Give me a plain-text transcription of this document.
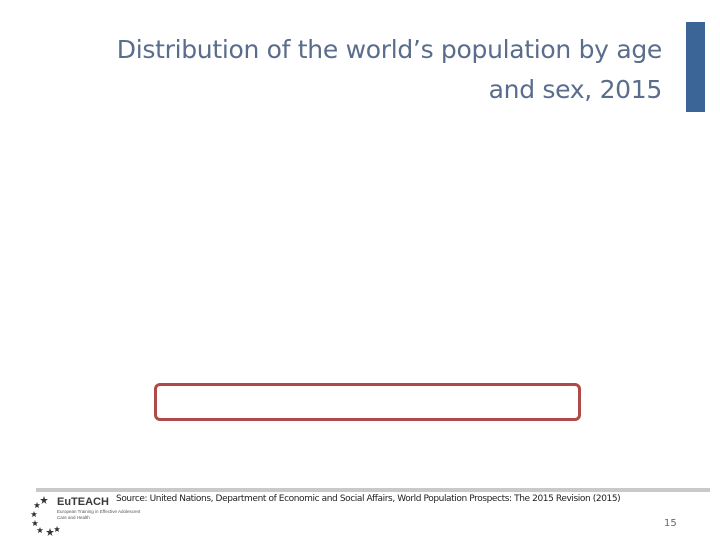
Distribution of the world’s population by age
and sex, 2015
EuTEACH
European Training in Effective Adolescent
Care and Health
Source: United Nations, Department of Economic and Social Affairs, World Population Prospects: The 2015 Revision (2015)
15
